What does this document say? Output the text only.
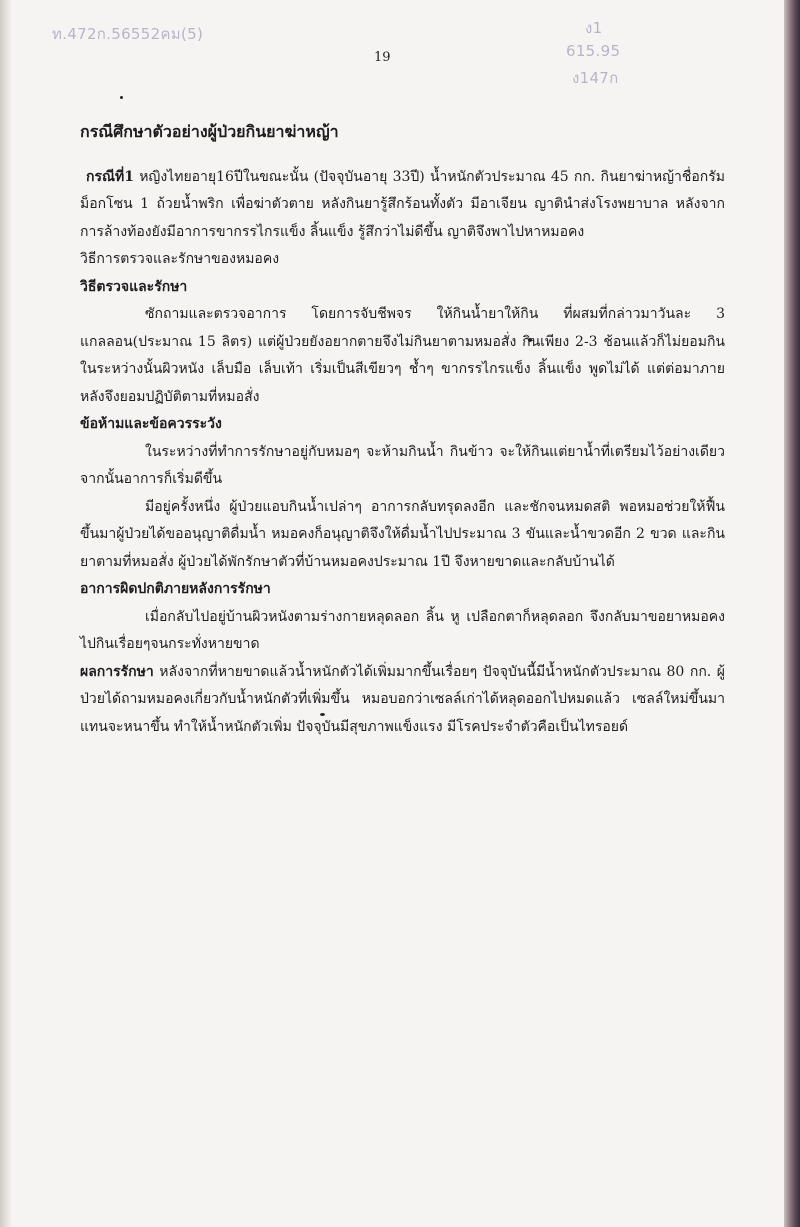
ท.472ก.56552คม(5)	ง1
615.95
ง147ก
19

กรณีศึกษาตัวอย่างผู้ป่วยกินยาฆ่าหญ้า

กรณีที่1 หญิงไทยอายุ16ปีในขณะนั้น (ปัจจุบันอายุ 33ปี) น้ำหนักตัวประมาณ 45 กก. กินยาฆ่าหญ้าชื่อกรัมม็อกโซน 1 ถ้วยน้ำพริก เพื่อฆ่าตัวตาย หลังกินยารู้สึกร้อนทั้งตัว มีอาเจียน ญาตินำส่งโรงพยาบาล หลังจากการล้างท้องยังมีอาการขากรรไกรแข็ง ลิ้นแข็ง รู้สึกว่าไม่ดีขึ้น ญาติจึงพาไปหาหมอคง

วิธีการตรวจและรักษาของหมอคง

วิธีตรวจและรักษา

ซักถามและตรวจอาการ โดยการจับชีพจร ให้กินน้ำยาให้กิน ที่ผสมที่กล่าวมาวันละ 3 แกลลอน(ประมาณ 15 ลิตร) แต่ผู้ป่วยยังอยากตายจึงไม่กินยาตามหมอสั่ง กินเพียง 2-3 ช้อนแล้วก็ไม่ยอมกิน ในระหว่างนั้นผิวหนัง เล็บมือ เล็บเท้า เริ่มเป็นสีเขียวๆ ช้ำๆ ขากรรไกรแข็ง ลิ้นแข็ง พูดไม่ได้ แต่ต่อมาภายหลังจึงยอมปฏิบัติตามที่หมอสั่ง

ข้อห้ามและข้อควรระวัง

ในระหว่างที่ทำการรักษาอยู่กับหมอๆ จะห้ามกินน้ำ กินข้าว จะให้กินแต่ยาน้ำที่เตรียมไว้อย่างเดียว จากนั้นอาการก็เริ่มดีขึ้น

มีอยู่ครั้งหนึ่ง ผู้ป่วยแอบกินน้ำเปล่าๆ อาการกลับทรุดลงอีก และชักจนหมดสติ พอหมอช่วยให้ฟื้นขึ้นมาผู้ป่วยได้ขออนุญาติดื่มน้ำ หมอคงก็อนุญาติจึงให้ดื่มน้ำไปประมาณ 3 ขันและน้ำขวดอีก 2 ขวด และกินยาตามที่หมอสั่ง ผู้ป่วยได้พักรักษาตัวที่บ้านหมอคงประมาณ 1ปี จึงหายขาดและกลับบ้านได้

อาการผิดปกติภายหลังการรักษา

เมื่อกลับไปอยู่บ้านผิวหนังตามร่างกายหลุดลอก ลิ้น หู เปลือกตาก็หลุดลอก จึงกลับมาขอยาหมอคงไปกินเรื่อยๆจนกระทั่งหายขาด

ผลการรักษา หลังจากที่หายขาดแล้วน้ำหนักตัวได้เพิ่มมากขึ้นเรื่อยๆ ปัจจุบันนี้มีน้ำหนักตัวประมาณ 80 กก. ผู้ป่วยได้ถามหมอคงเกี่ยวกับน้ำหนักตัวที่เพิ่มขึ้น หมอบอกว่าเซลล์เก่าได้หลุดออกไปหมดแล้ว เซลล์ใหม่ขึ้นมาแทนจะหนาขึ้น ทำให้น้ำหนักตัวเพิ่ม ปัจจุบันมีสุขภาพแข็งแรง มีโรคประจำตัวคือเป็นไทรอยด์
